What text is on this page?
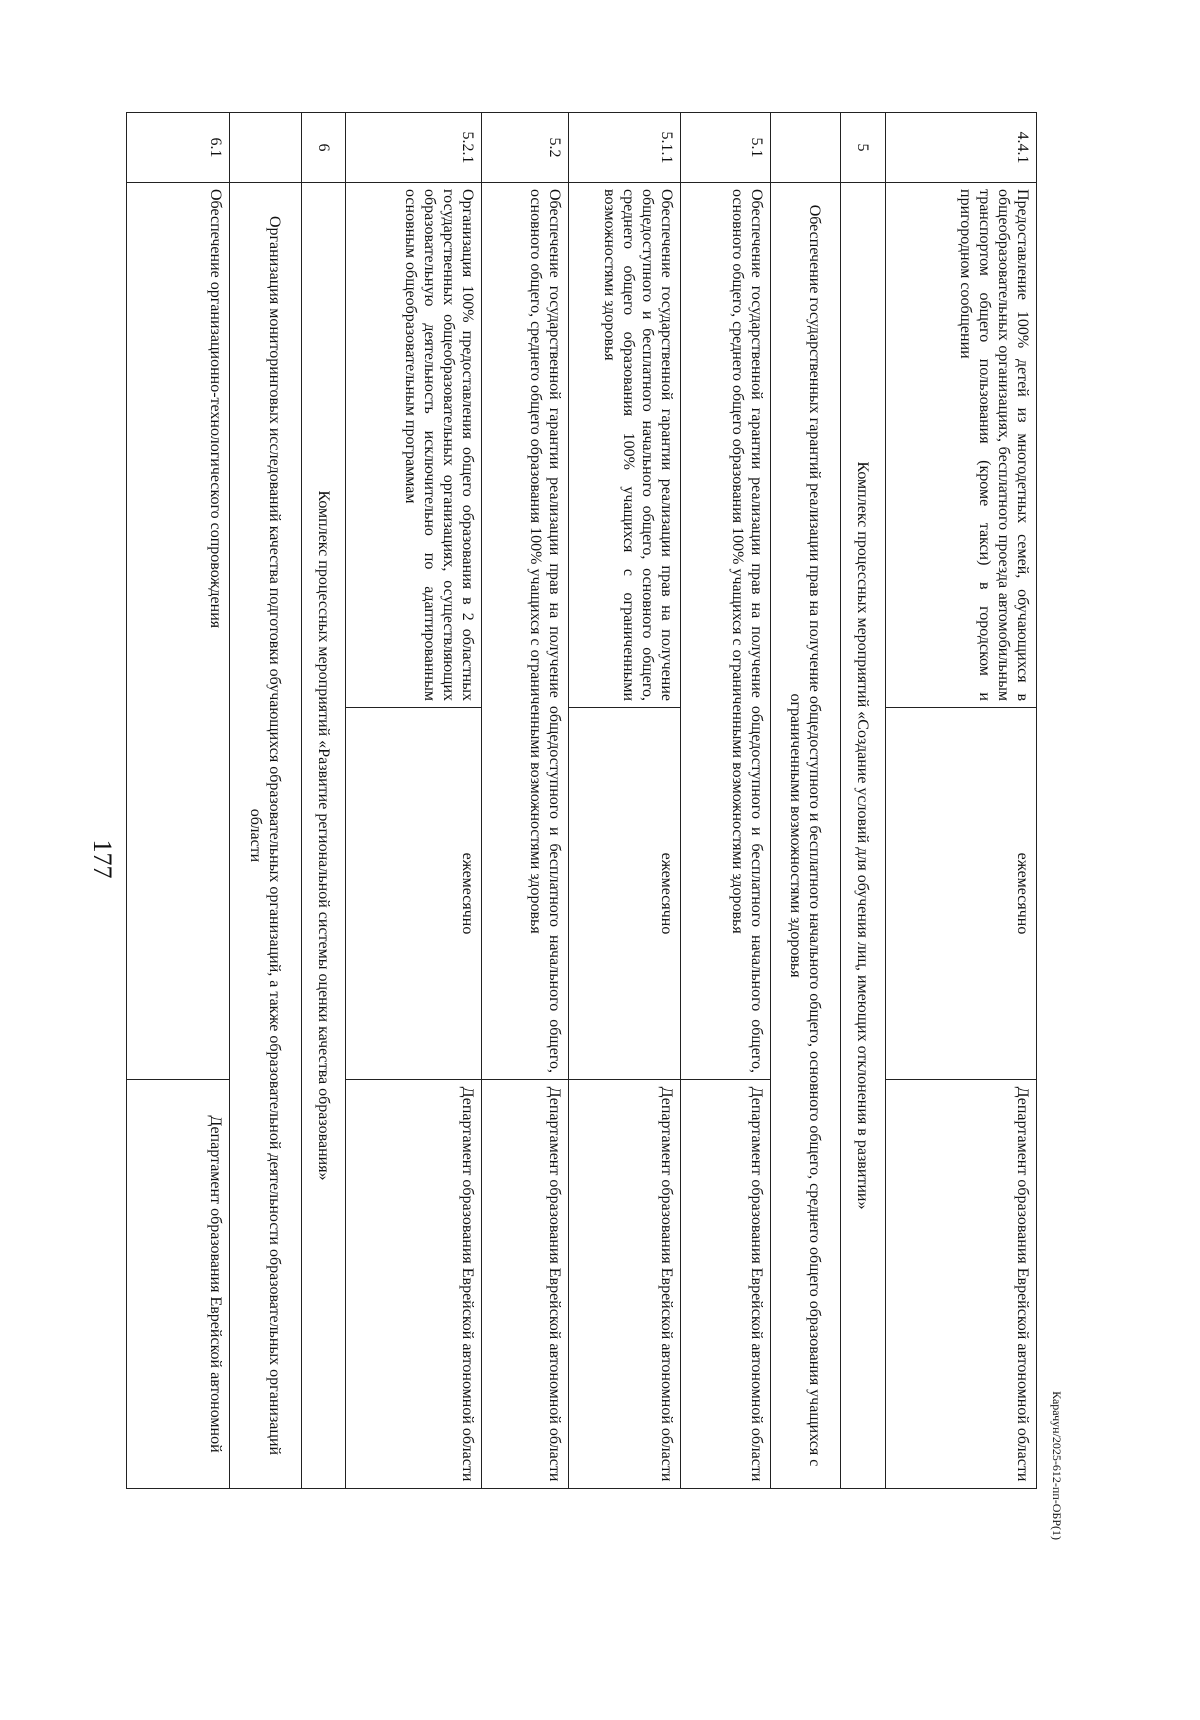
177
4.4.1	Предоставление 100% детей из многодетных семей, обучающихся в общеобразовательных организациях, бесплатного проезда автомобильным транспортом общего пользования (кроме такси) в городском и пригородном сообщении	ежемесячно	Департамент образования Еврейской автономной области
5	Комплекс процессных мероприятий «Создание условий для обучения лиц, имеющих отклонения в развитии»		
	Обеспечение государственных гарантий реализации прав на получение общедоступного и бесплатного начального общего, основного общего, среднего общего образования учащихся с ограниченными возможностями здоровья		
5.1	Обеспечение государственной гарантии реализации прав на получение общедоступного и бесплатного начального общего, основного общего, среднего общего образования 100% учащихся с ограниченными возможностями здоровья		Департамент образования Еврейской автономной области
5.1.1	Обеспечение государственной гарантии реализации прав на получение общедоступного и бесплатного начального общего, основного общего, среднего общего образования 100% учащихся с ограниченными возможностями здоровья	ежемесячно	Департамент образования Еврейской автономной области
5.2	Обеспечение государственной гарантии реализации прав на получение общедоступного и бесплатного начального общего, основного общего, среднего общего образования 100% учащихся с ограниченными возможностями здоровья		Департамент образования Еврейской автономной области
5.2.1	Организация 100% предоставления общего образования в 2 областных государственных общеобразовательных организациях, осуществляющих образовательную деятельность исключительно по адаптированным основным общеобразовательным программам	ежемесячно	Департамент образования Еврейской автономной области
6	Комплекс процессных мероприятий «Развитие региональной системы оценки качества образования»		
	Организация мониторинговых исследований качества подготовки обучающихся образовательных организаций, а также образовательной деятельности образовательных организаций области		
6.1	Обеспечение организационно-технологического сопровождения		Департамент образования Еврейской автономной
Карачун/2025-612-пп-ОБР(1)
